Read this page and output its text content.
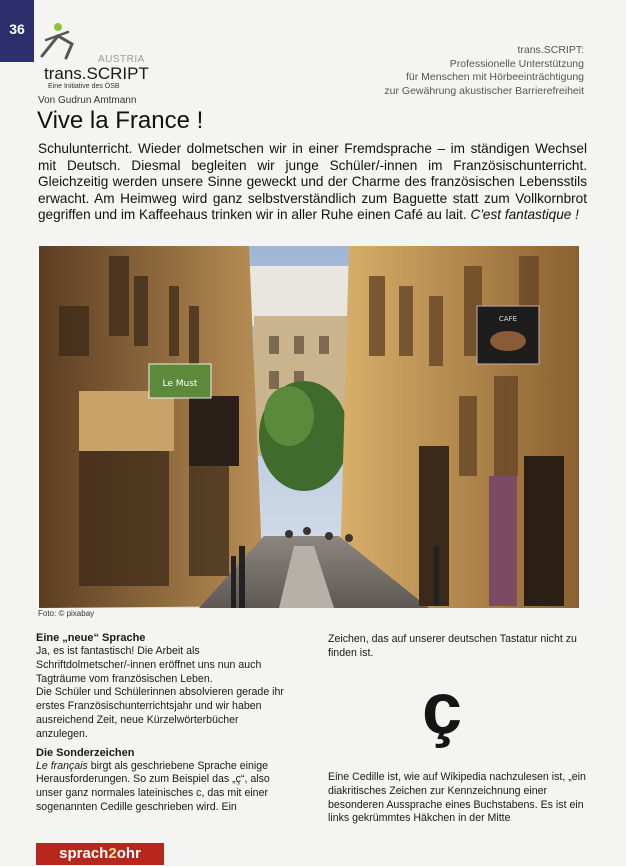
36
AUSTRIA
trans.SCRIPT
Eine Initiative des ÖSB
trans.SCRIPT:
Professionelle Unterstützung
für Menschen mit Hörbeeinträchtigung
zur Gewährung akustischer Barrierefreiheit
Von Gudrun Amtmann
Vive la France !
Schulunterricht. Wieder dolmetschen wir in einer Fremdsprache – im ständigen Wechsel mit Deutsch. Diesmal begleiten wir junge Schüler/-innen im Französischunterricht. Gleichzeitig werden unsere Sinne geweckt und der Charme des französischen Lebensstils erwacht. Am Heimweg wird ganz selbstverständlich zum Baguette statt zum Vollkornbrot gegriffen und im Kaffeehaus trinken wir in aller Ruhe einen Café au lait. C'est fantastique !
Le Must
CAFE
Foto: © pixabay
Eine „neue“ Sprache

Ja, es ist fantastisch! Die Arbeit als Schriftdolmetscher/-innen eröffnet uns nun auch Tagträume vom französischen Leben.

Die Schüler und Schülerinnen absolvieren gerade ihr erstes Französischunterrichtsjahr und wir haben ausreichend Zeit, neue Kürzelwörterbücher anzulegen.

Die Sonderzeichen

Le français birgt als geschriebene Sprache einige Herausforderungen. So zum Beispiel das „ç“, also unser ganz normales lateinisches c, das mit einer sogenannten Cedille geschrieben wird. Ein

Zeichen, das auf unserer deutschen Tastatur nicht zu finden ist.
ç
Eine Cedille ist, wie auf Wikipedia nachzulesen ist, „ein diakritisches Zeichen zur Kennzeichnung einer besonderen Aussprache eines Buchstabens. Es ist ein links gekrümmtes Häkchen in der Mitte
sprach2ohr
